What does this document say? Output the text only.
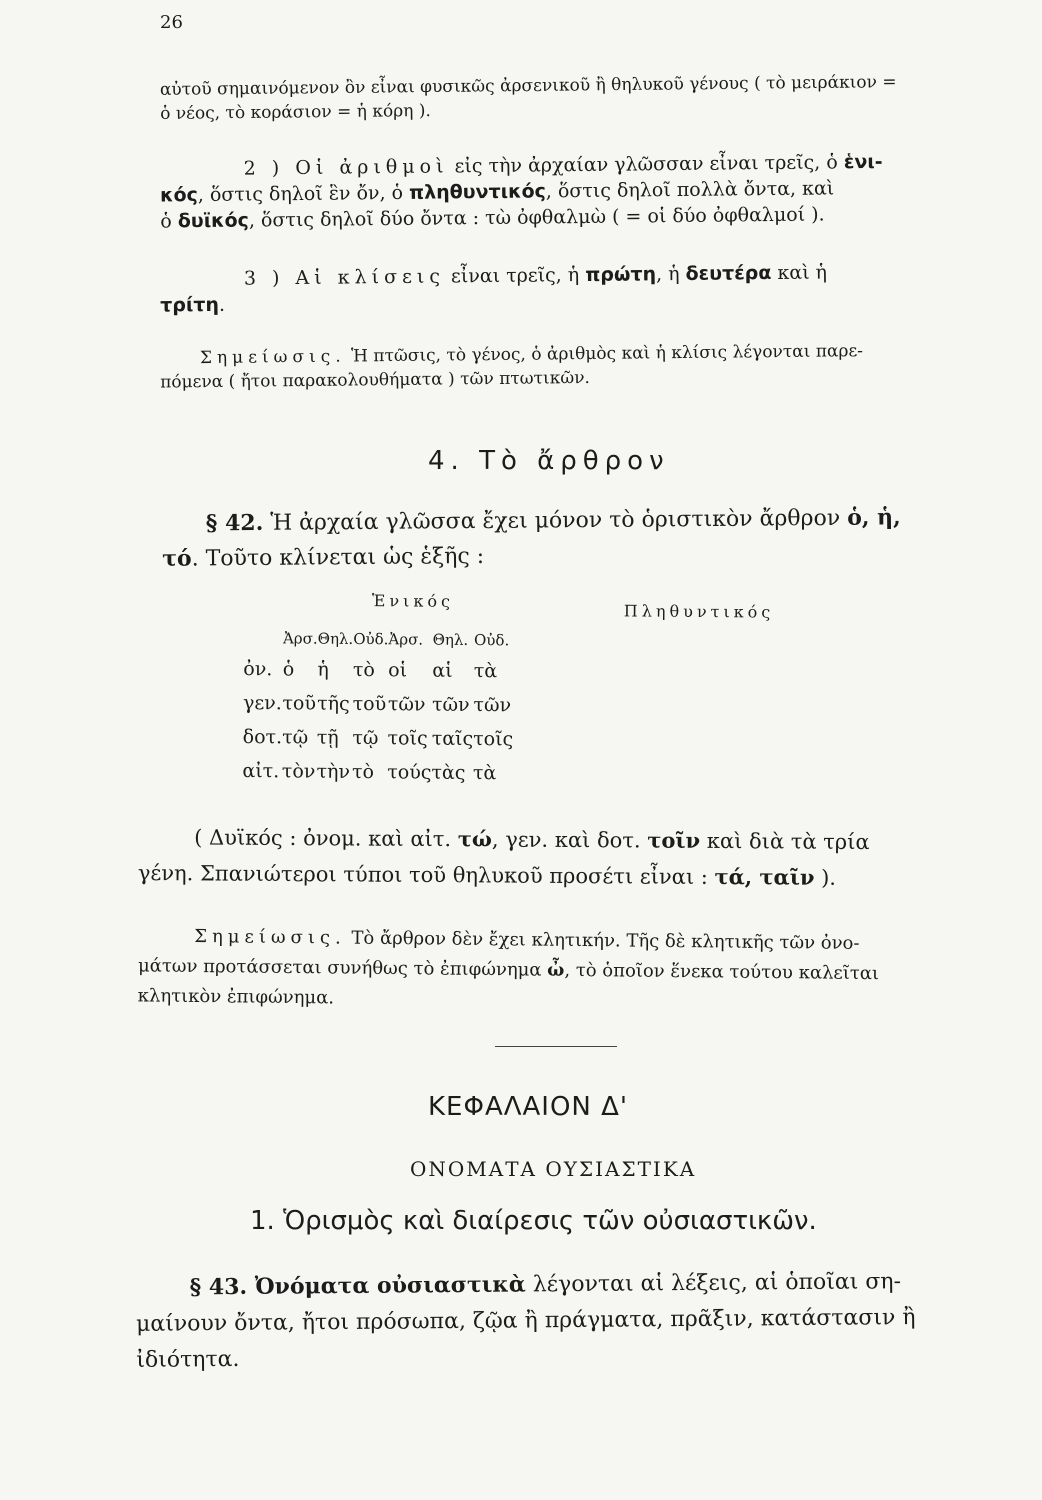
26
αὐτοῦ σημαινόμενον ὂν εἶναι φυσικῶς ἀρσενικοῦ ἢ θηλυκοῦ γένους ( τὸ μειράκιον =
ὁ νέος, τὸ κοράσιον = ἡ κόρη ).
2 ) Οἱ ἀριθμοὶ εἰς τὴν ἀρχαίαν γλῶσσαν εἶναι τρεῖς, ὁ ἑνι-
κός, ὅστις δηλοῖ ἓν ὄν, ὁ πληθυντικός, ὅστις δηλοῖ πολλὰ ὄντα, καὶ
ὁ δυϊκός, ὅστις δηλοῖ δύο ὄντα : τὼ ὀφθαλμὼ ( = οἱ δύο ὀφθαλμοί ).
3 ) Αἱ κλίσεις εἶναι τρεῖς, ἡ πρώτη, ἡ δευτέρα καὶ ἡ
τρίτη.
Σημείωσις. Ἡ πτῶσις, τὸ γένος, ὁ ἀριθμὸς καὶ ἡ κλίσις λέγονται παρε-
πόμενα ( ἤτοι παρακολουθήματα ) τῶν πτωτικῶν.
4. Τὸ ἄρθρον
§ 42. Ἡ ἀρχαία γλῶσσα ἔχει μόνον τὸ ὁριστικὸν ἄρθρον ὁ, ἡ,
τό. Τοῦτο κλίνεται ὡς ἑξῆς :
Ἑνικός
Πληθυντικός
	Ἀρσ.	Θηλ.	Οὐδ.	Ἀρσ.	Θηλ.	Οὐδ.
ὀν.	ὁ	ἡ	τὸ	οἱ	αἱ	τὰ
γεν.	τοῦ	τῆς	τοῦ	τῶν	τῶν	τῶν
δοτ.	τῷ	τῇ	τῷ	τοῖς	ταῖς	τοῖς
αἰτ.	τὸν	τὴν	τὸ	τούς	τὰς	τὰ
( Δυϊκός : ὀνομ. καὶ αἰτ. τώ, γεν. καὶ δοτ. τοῖν καὶ διὰ τὰ τρία
γένη. Σπανιώτεροι τύποι τοῦ θηλυκοῦ προσέτι εἶναι : τά, ταῖν ).
Σημείωσις. Τὸ ἄρθρον δὲν ἔχει κλητικήν. Τῆς δὲ κλητικῆς τῶν ὀνο-
μάτων προτάσσεται συνήθως τὸ ἐπιφώνημα ὦ, τὸ ὁποῖον ἕνεκα τούτου καλεῖται
κλητικὸν ἐπιφώνημα.
ΚΕΦΑΛΑΙΟΝ Δ'
ΟΝΟΜΑΤΑ ΟΥΣΙΑΣΤΙΚΑ
1. Ὁρισμὸς καὶ διαίρεσις τῶν οὐσιαστικῶν.
§ 43. Ὀνόματα οὐσιαστικὰ λέγονται αἱ λέξεις, αἱ ὁποῖαι ση-
μαίνουν ὄντα, ἤτοι πρόσωπα, ζῷα ἢ πράγματα, πρᾶξιν, κατάστασιν ἢ
ἰδιότητα.
